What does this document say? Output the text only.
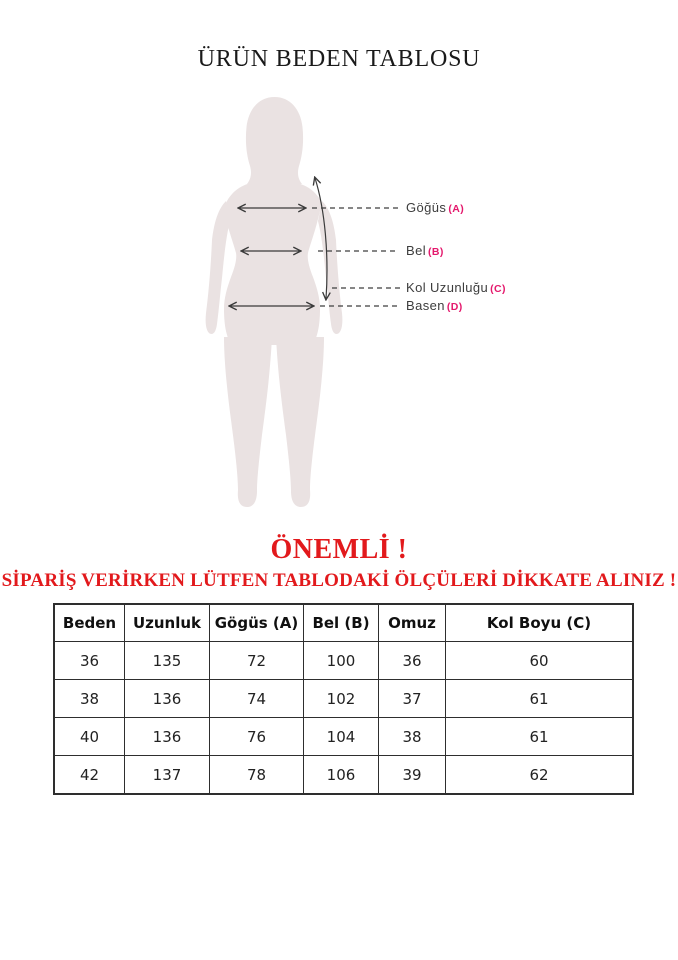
ÜRÜN BEDEN TABLOSU
Göğüs (A)
Bel (B)
Kol Uzunluğu (C)
Basen (D)
ÖNEMLİ !
SİPARİŞ VERİRKEN LÜTFEN TABLODAKİ ÖLÇÜLERİ DİKKATE ALINIZ !
Beden	Uzunluk	Gögüs (A)	Bel (B)	Omuz	Kol Boyu (C)
36	135	72	100	36	60
38	136	74	102	37	61
40	136	76	104	38	61
42	137	78	106	39	62
